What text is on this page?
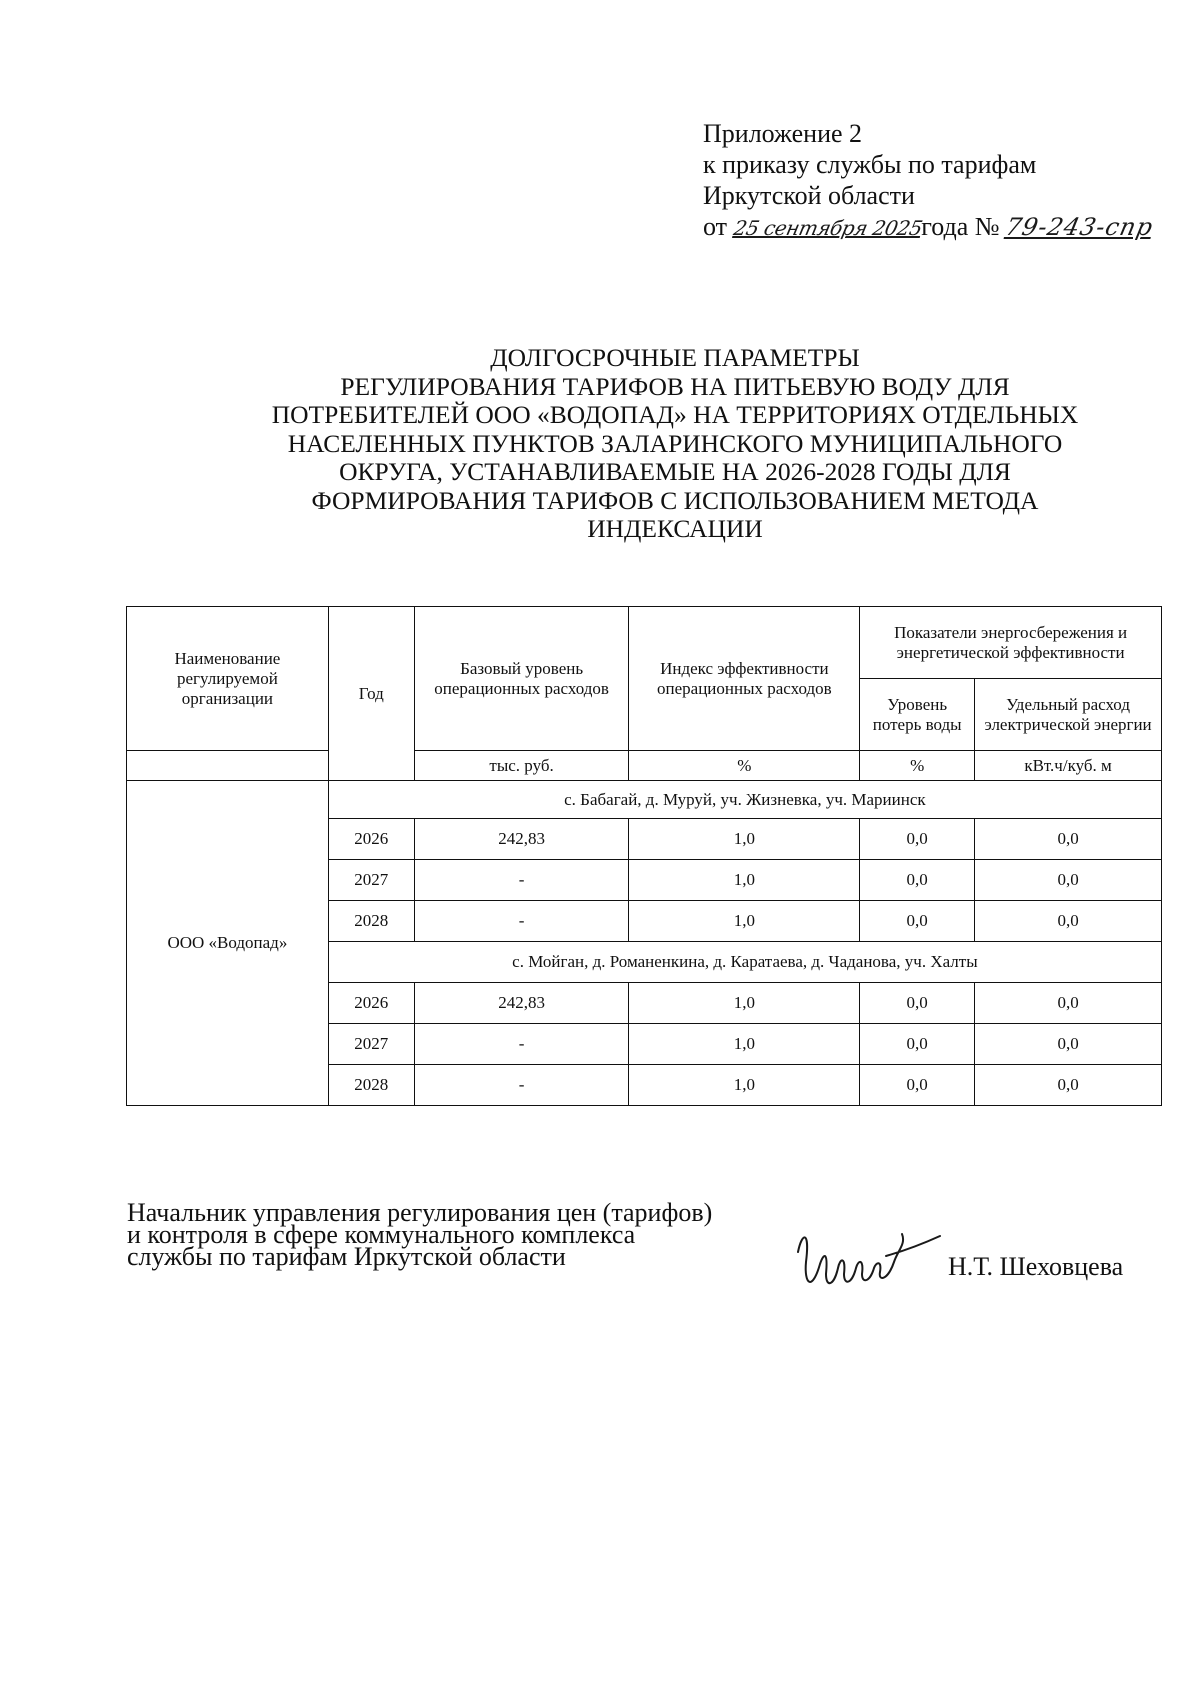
Приложение 2
к приказу службы по тарифам
Иркутской области
от 25 сентября 2025года № 79-243-спр
ДОЛГОСРОЧНЫЕ ПАРАМЕТРЫ
РЕГУЛИРОВАНИЯ ТАРИФОВ НА ПИТЬЕВУЮ ВОДУ ДЛЯ
ПОТРЕБИТЕЛЕЙ ООО «ВОДОПАД» НА ТЕРРИТОРИЯХ ОТДЕЛЬНЫХ
НАСЕЛЕННЫХ ПУНКТОВ ЗАЛАРИНСКОГО МУНИЦИПАЛЬНОГО
ОКРУГА, УСТАНАВЛИВАЕМЫЕ НА 2026-2028 ГОДЫ ДЛЯ
ФОРМИРОВАНИЯ ТАРИФОВ С ИСПОЛЬЗОВАНИЕМ МЕТОДА
ИНДЕКСАЦИИ
Наименование регулируемой организации	Год	Базовый уровень операционных расходов	Индекс эффективности операционных расходов	Показатели энергосбережения и энергетической эффективности	
				Уровень потерь воды	Удельный расход электрической энергии
		тыс. руб.	%	%	кВт.ч/куб. м
ООО «Водопад»	с. Бабагай, д. Муруй, уч. Жизневка, уч. Мариинск				
	2026	242,83	1,0	0,0	0,0
	2027	-	1,0	0,0	0,0
	2028	-	1,0	0,0	0,0
	с. Мойган, д. Романенкина, д. Каратаева, д. Чаданова, уч. Халты				
	2026	242,83	1,0	0,0	0,0
	2027	-	1,0	0,0	0,0
	2028	-	1,0	0,0	0,0
Начальник управления регулирования цен (тарифов)
и контроля в сфере коммунального комплекса
службы по тарифам Иркутской области	Н.Т. Шеховцева
